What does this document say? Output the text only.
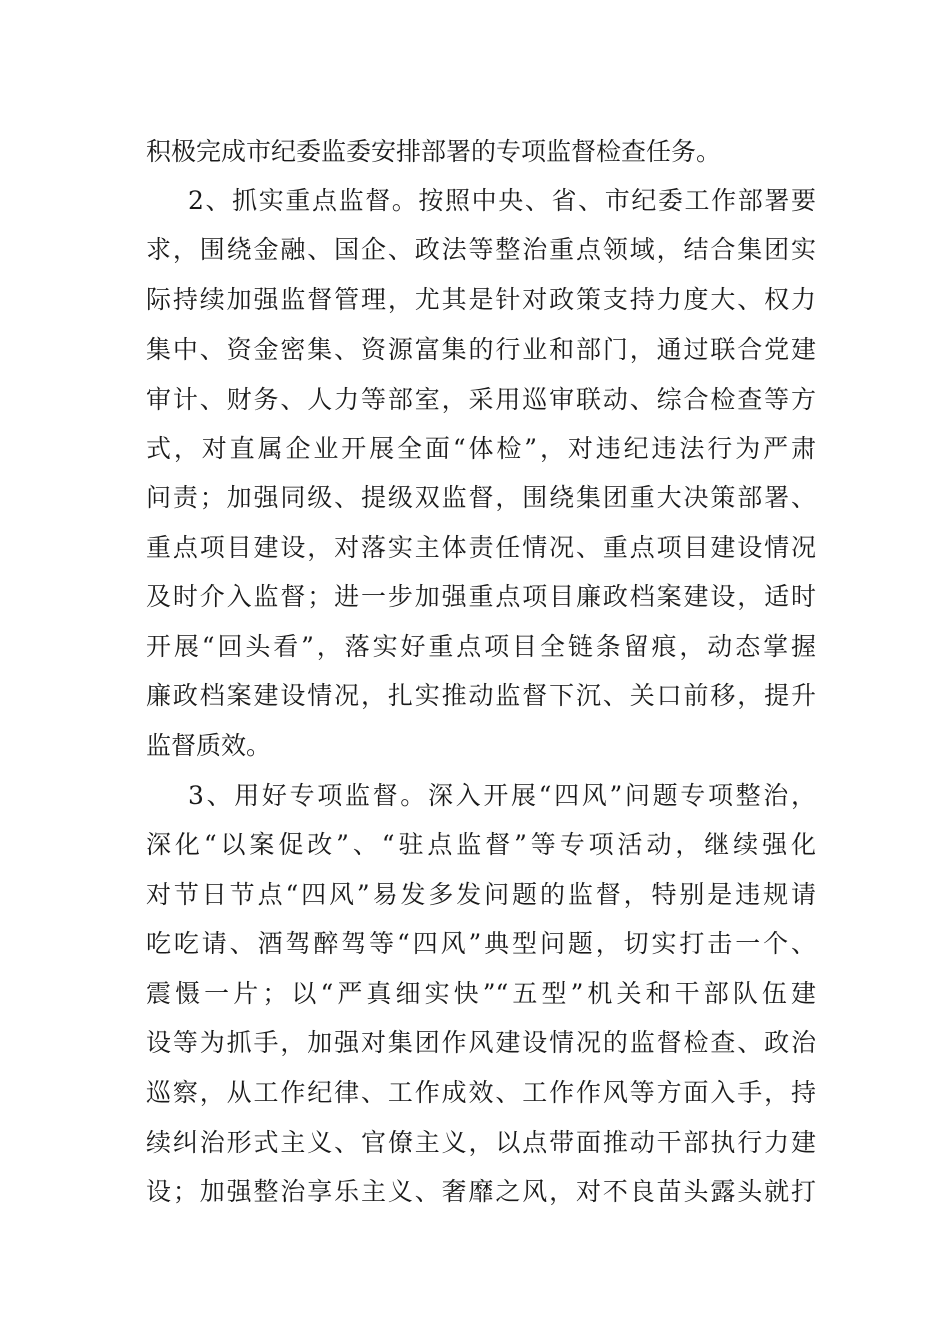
积极完成市纪委监委安排部署的专项监督检查任务。
2、抓实重点监督。按照中央、省、市纪委工作部署要
求，围绕金融、国企、政法等整治重点领域，结合集团实
际持续加强监督管理，尤其是针对政策支持力度大、权力
集中、资金密集、资源富集的行业和部门，通过联合党建
审计、财务、人力等部室，采用巡审联动、综合检查等方
式，对直属企业开展全面“体检”，对违纪违法行为严肃
问责；加强同级、提级双监督，围绕集团重大决策部署、
重点项目建设，对落实主体责任情况、重点项目建设情况
及时介入监督；进一步加强重点项目廉政档案建设，适时
开展“回头看”，落实好重点项目全链条留痕，动态掌握
廉政档案建设情况，扎实推动监督下沉、关口前移，提升
监督质效。
3、用好专项监督。深入开展“四风”问题专项整治，
深化“以案促改”、“驻点监督”等专项活动，继续强化
对节日节点“四风”易发多发问题的监督，特别是违规请
吃吃请、酒驾醉驾等“四风”典型问题，切实打击一个、
震慑一片；以“严真细实快”“五型”机关和干部队伍建
设等为抓手，加强对集团作风建设情况的监督检查、政治
巡察，从工作纪律、工作成效、工作作风等方面入手，持
续纠治形式主义、官僚主义，以点带面推动干部执行力建
设；加强整治享乐主义、奢靡之风，对不良苗头露头就打
